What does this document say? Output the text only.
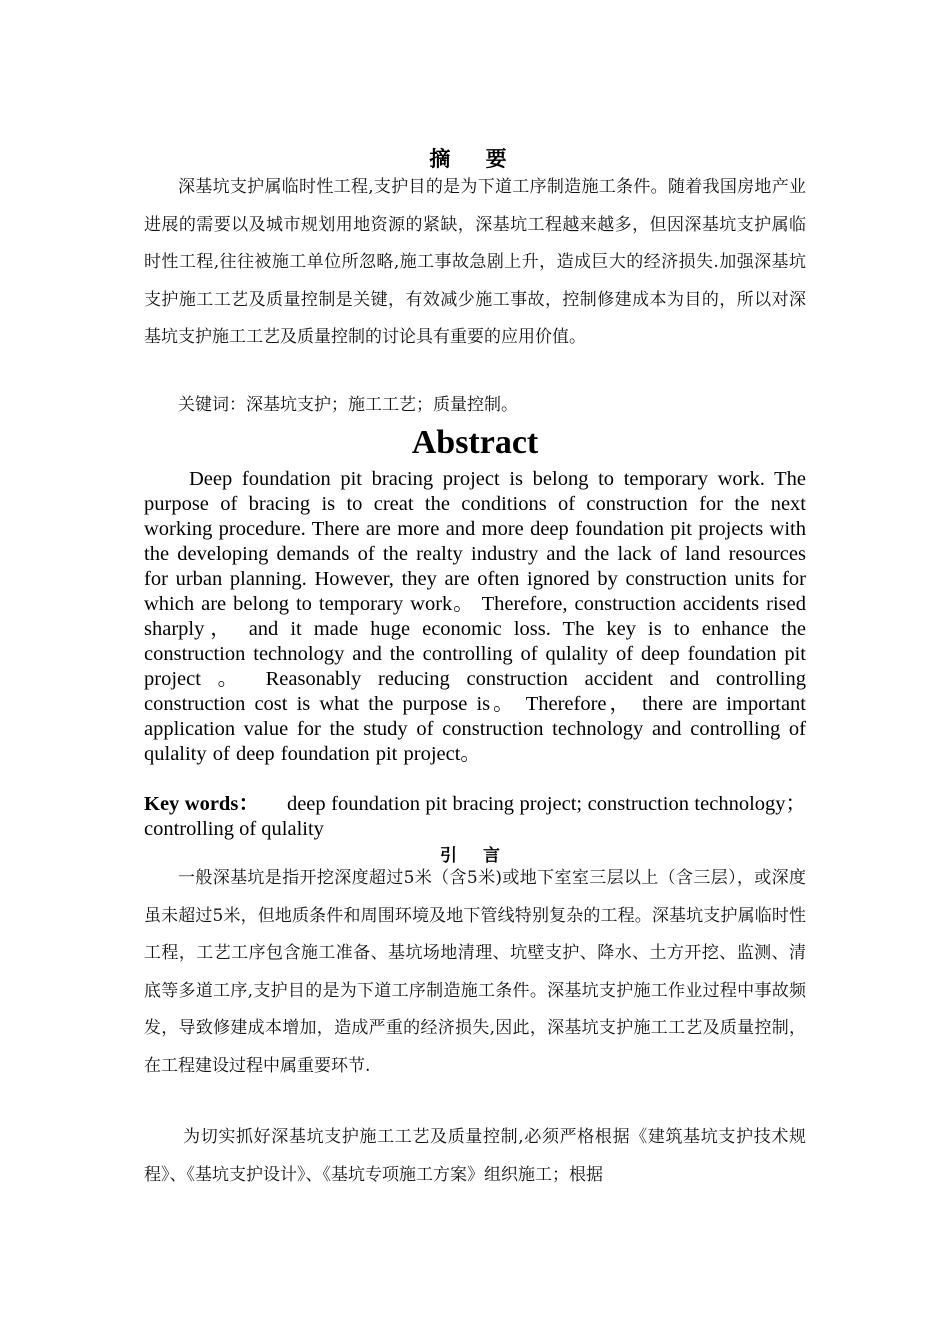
摘 要

深基坑支护属临时性工程,支护目的是为下道工序制造施工条件。随着我国房地产业进展的需要以及城市规划用地资源的紧缺，深基坑工程越来越多，但因深基坑支护属临时性工程,往往被施工单位所忽略,施工事故急剧上升，造成巨大的经济损失.加强深基坑支护施工工艺及质量控制是关键，有效减少施工事故，控制修建成本为目的，所以对深基坑支护施工工艺及质量控制的讨论具有重要的应用价值。

关键词：深基坑支护；施工工艺；质量控制。
Abstract

Deep foundation pit bracing project is belong to temporary work. The purpose of bracing is to creat the conditions of construction for the next working procedure. There are more and more deep foundation pit projects with the developing demands of the realty industry and the lack of land resources for urban planning. However, they are often ignored by construction units for which are belong to temporary work。 Therefore, construction accidents rised sharply， and it made huge economic loss. The key is to enhance the construction technology and the controlling of qulality of deep foundation pit project 。 Reasonably reducing construction accident and controlling construction cost is what the purpose is。 Therefore， there are important application value for the study of construction technology and controlling of qulality of deep foundation pit project。

Key words： deep foundation pit bracing project; construction technology； controlling of qulality
引 言
一般深基坑是指开挖深度超过5米（含5米)或地下室室三层以上（含三层），或深度虽未超过5米，但地质条件和周围环境及地下管线特别复杂的工程。深基坑支护属临时性工程，工艺工序包含施工准备、基坑场地清理、坑壁支护、降水、土方开挖、监测、清底等多道工序,支护目的是为下道工序制造施工条件。深基坑支护施工作业过程中事故频发，导致修建成本增加，造成严重的经济损失,因此，深基坑支护施工工艺及质量控制，在工程建设过程中属重要环节.
为切实抓好深基坑支护施工工艺及质量控制,必须严格根据《建筑基坑支护技术规程》、《基坑支护设计》、《基坑专项施工方案》组织施工；根据
